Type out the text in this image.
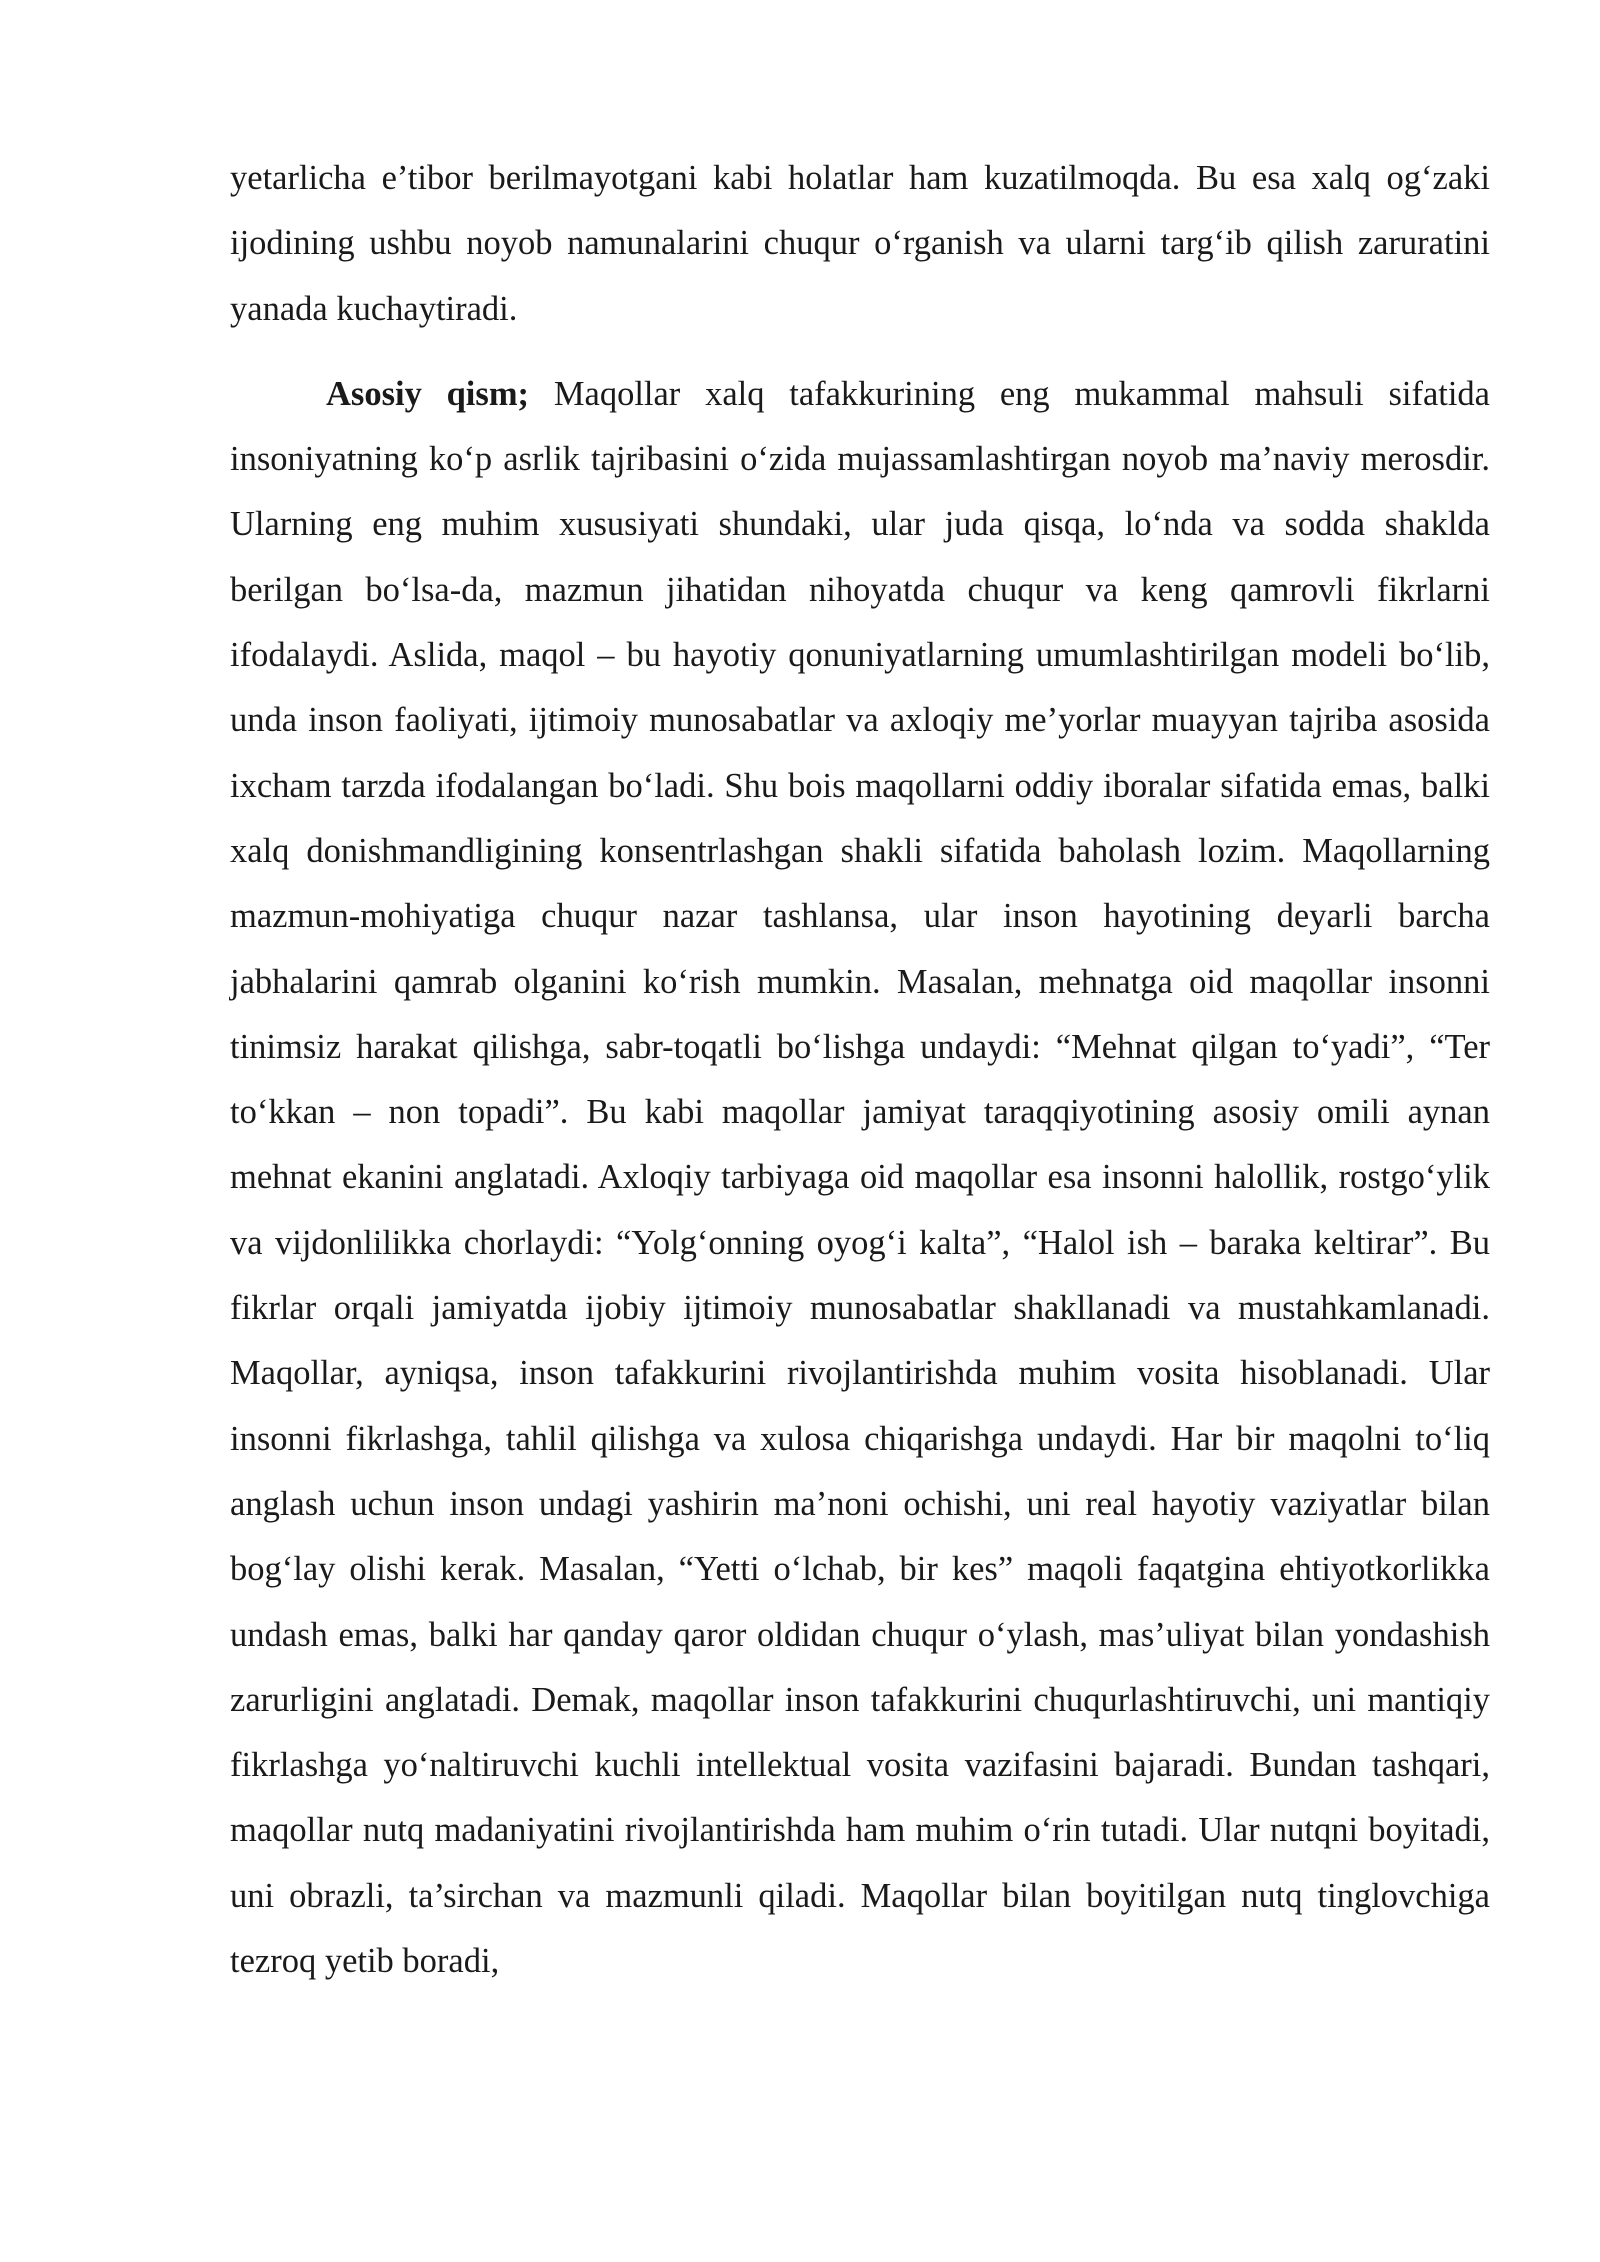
yetarlicha e’tibor berilmayotgani kabi holatlar ham kuzatilmoqda. Bu esa xalq og‘zaki ijodining ushbu noyob namunalarini chuqur o‘rganish va ularni targ‘ib qilish zaruratini yanada kuchaytiradi.

Asosiy qism; Maqollar xalq tafakkurining eng mukammal mahsuli sifatida insoniyatning ko‘p asrlik tajribasini o‘zida mujassamlashtirgan noyob ma’naviy merosdir. Ularning eng muhim xususiyati shundaki, ular juda qisqa, lo‘nda va sodda shaklda berilgan bo‘lsa-da, mazmun jihatidan nihoyatda chuqur va keng qamrovli fikrlarni ifodalaydi. Aslida, maqol – bu hayotiy qonuniyatlarning umumlashtirilgan modeli bo‘lib, unda inson faoliyati, ijtimoiy munosabatlar va axloqiy me’yorlar muayyan tajriba asosida ixcham tarzda ifodalangan bo‘ladi. Shu bois maqollarni oddiy iboralar sifatida emas, balki xalq donishmandligining konsentrlashgan shakli sifatida baholash lozim. Maqollarning mazmun-mohiyatiga chuqur nazar tashlansa, ular inson hayotining deyarli barcha jabhalarini qamrab olganini ko‘rish mumkin. Masalan, mehnatga oid maqollar insonni tinimsiz harakat qilishga, sabr-toqatli bo‘lishga undaydi: “Mehnat qilgan to‘yadi”, “Ter to‘kkan – non topadi”. Bu kabi maqollar jamiyat taraqqiyotining asosiy omili aynan mehnat ekanini anglatadi. Axloqiy tarbiyaga oid maqollar esa insonni halollik, rostgo‘ylik va vijdonlilikka chorlaydi: “Yolg‘onning oyog‘i kalta”, “Halol ish – baraka keltirar”. Bu fikrlar orqali jamiyatda ijobiy ijtimoiy munosabatlar shakllanadi va mustahkamlanadi. Maqollar, ayniqsa, inson tafakkurini rivojlantirishda muhim vosita hisoblanadi. Ular insonni fikrlashga, tahlil qilishga va xulosa chiqarishga undaydi. Har bir maqolni to‘liq anglash uchun inson undagi yashirin ma’noni ochishi, uni real hayotiy vaziyatlar bilan bog‘lay olishi kerak. Masalan, “Yetti o‘lchab, bir kes” maqoli faqatgina ehtiyotkorlikka undash emas, balki har qanday qaror oldidan chuqur o‘ylash, mas’uliyat bilan yondashish zarurligini anglatadi. Demak, maqollar inson tafakkurini chuqurlashtiruvchi, uni mantiqiy fikrlashga yo‘naltiruvchi kuchli intellektual vosita vazifasini bajaradi. Bundan tashqari, maqollar nutq madaniyatini rivojlantirishda ham muhim o‘rin tutadi. Ular nutqni boyitadi, uni obrazli, ta’sirchan va mazmunli qiladi. Maqollar bilan boyitilgan nutq tinglovchiga tezroq yetib boradi,
